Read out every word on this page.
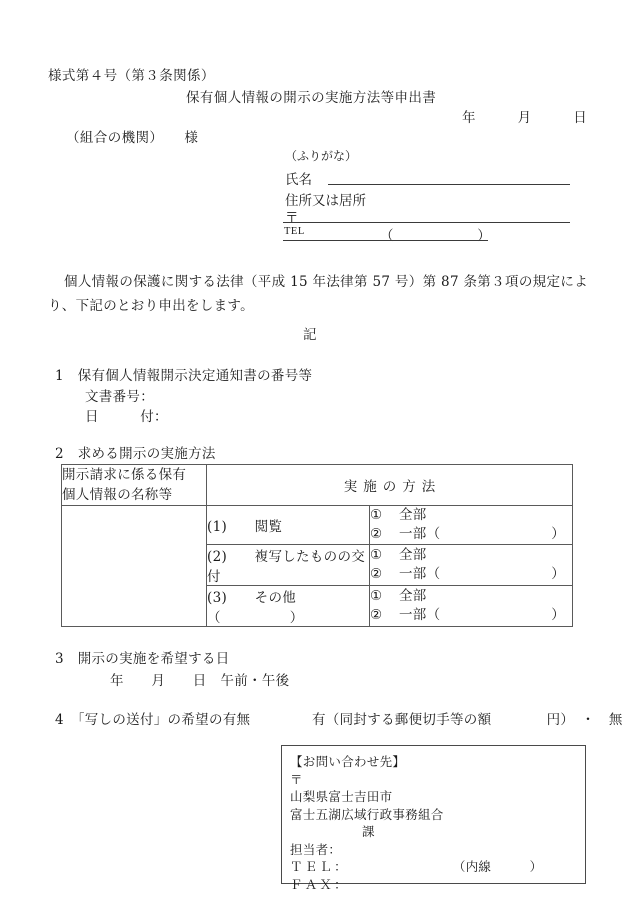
様式第４号（第３条関係）
保有個人情報の開示の実施方法等申出書
年　　　月　　　日
（組合の機関）　　様
（ふりがな）
氏名
住所又は居所
〒
TEL	（　　　　　　）
個人情報の保護に関する法律（平成 15 年法律第 57 号）第 87 条第３項の規定により、下記のとおり申出をします。
記
1　 保有個人情報開示決定通知書の番号等
文書番号：
日　　　付：
2　 求める開示の実施方法
開示請求に係る保有
個人情報の名称等	実施の方法	
	(1)　　 閲覧	① 全部
② 一部（ ）

	(2)　　 複写したものの交付	① 全部
② 一部（ ）

	(3)　　 その他　（　　　　　）	① 全部
② 一部（ ）
3　 開示の実施を希望する日
年　　月　　日　午前・午後
4　 「写しの送付」の希望の有無	有（同封する郵便切手等の額　　　　円）　・　無
【お問い合わせ先】
〒
山梨県富士吉田市
富士五湖広域行政事務組合
課
担当者：
ＴＥＬ：	（内線　　　）
ＦＡＸ：
